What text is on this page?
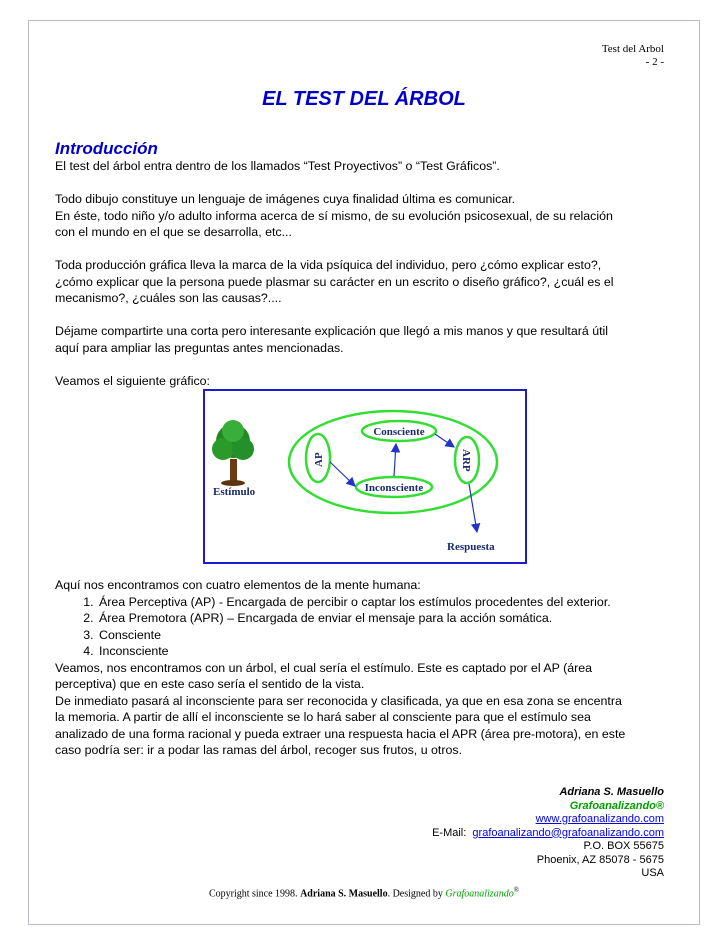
Test del Arbol
- 2 -
EL TEST DEL ÁRBOL
Introducción

El test del árbol entra dentro de los llamados “Test Proyectivos” o “Test Gráficos”.

Todo dibujo constituye un lenguaje de imágenes cuya finalidad última es comunicar.

En éste, todo niño y/o adulto informa acerca de sí mismo, de su evolución psicosexual, de su relación

con el mundo en el que se desarrolla, etc...

Toda producción gráfica lleva la marca de la vida psíquica del individuo, pero ¿cómo explicar esto?,

¿cómo explicar que la persona puede plasmar su carácter en un escrito o diseño gráfico?, ¿cuál es el

mecanismo?, ¿cuáles son las causas?....

Déjame compartirte una corta pero interesante explicación que llegó a mis manos y que resultará útil

aquí para ampliar las preguntas antes mencionadas.

Veamos el siguiente gráfico:

Estímulo
AP
Consciente
Inconsciente
ARP
Respuesta

Aquí nos encontramos con cuatro elementos de la mente humana:

1. Área Perceptiva (AP) - Encargada de percibir o captar los estímulos procedentes del exterior.
2. Área Premotora (APR) – Encargada de enviar el mensaje para la acción somática.
3. Consciente
4. Inconsciente

Veamos, nos encontramos con un árbol, el cual sería el estímulo. Este es captado por el AP (área

perceptiva) que en este caso sería el sentido de la vista.

De inmediato pasará al inconsciente para ser reconocida y clasificada, ya que en esa zona se encentra

la memoria. A partir de allí el inconsciente se lo hará saber al consciente para que el estímulo sea

analizado de una forma racional y pueda extraer una respuesta hacia el APR (área pre-motora), en este

caso podría ser: ir a podar las ramas del árbol, recoger sus frutos, u otros.

Adriana S. Masuello
Grafoanalizando®
www.grafoanalizando.com
E-Mail: grafoanalizando@grafoanalizando.com
P.O. BOX 55675
Phoenix, AZ 85078 - 5675
USA
Copyright since 1998. Adriana S. Masuello. Designed by Grafoanalizando®
